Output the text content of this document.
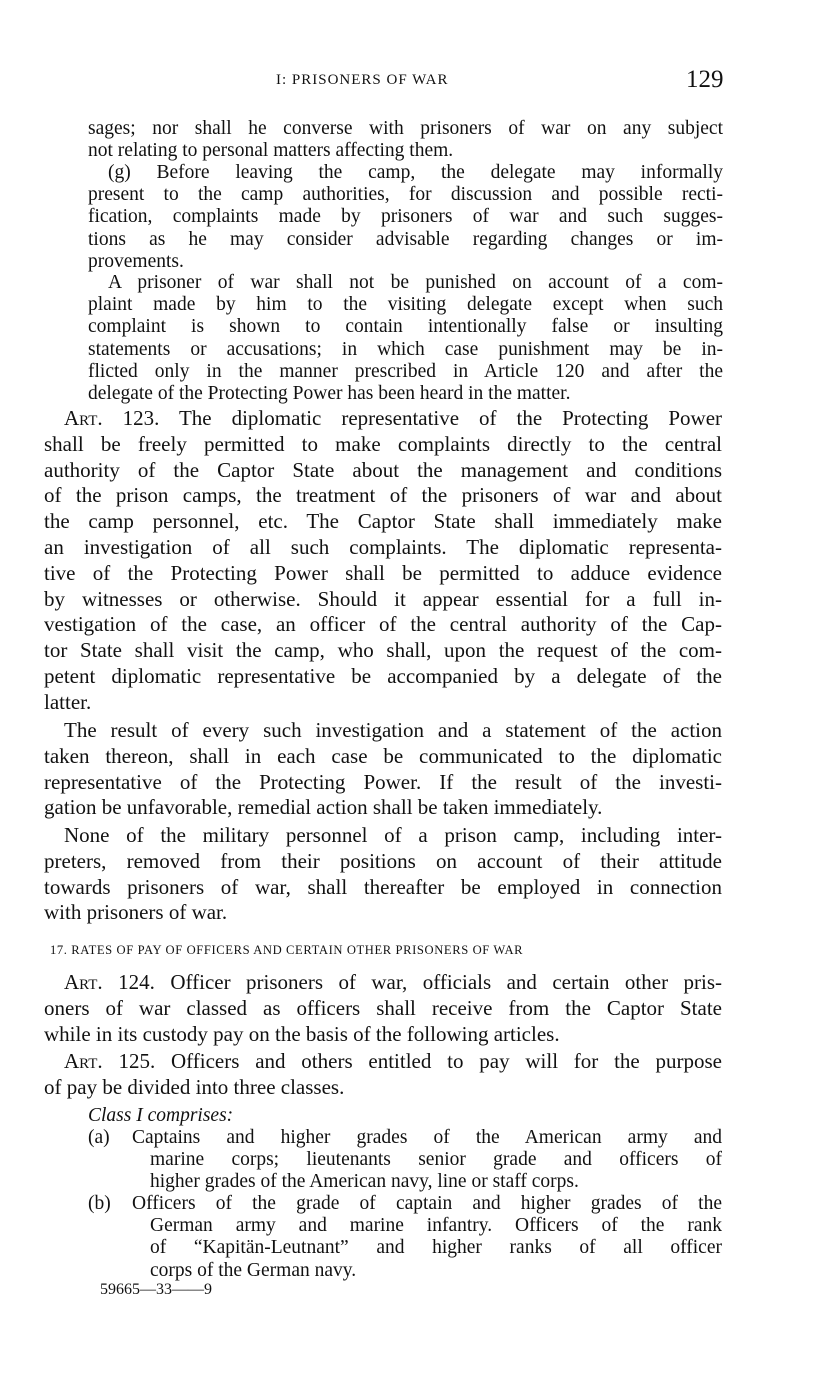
I: PRISONERS OF WAR	129
sages; nor shall he converse with prisoners of war on any subject
not relating to personal matters affecting them.
(g) Before leaving the camp, the delegate may informally
present to the camp authorities, for discussion and possible recti-
fication, complaints made by prisoners of war and such sugges-
tions as he may consider advisable regarding changes or im-
provements.
A prisoner of war shall not be punished on account of a com-
plaint made by him to the visiting delegate except when such
complaint is shown to contain intentionally false or insulting
statements or accusations; in which case punishment may be in-
flicted only in the manner prescribed in Article 120 and after the
delegate of the Protecting Power has been heard in the matter.
Art. 123. The diplomatic representative of the Protecting Power
shall be freely permitted to make complaints directly to the central
authority of the Captor State about the management and conditions
of the prison camps, the treatment of the prisoners of war and about
the camp personnel, etc. The Captor State shall immediately make
an investigation of all such complaints. The diplomatic representa-
tive of the Protecting Power shall be permitted to adduce evidence
by witnesses or otherwise. Should it appear essential for a full in-
vestigation of the case, an officer of the central authority of the Cap-
tor State shall visit the camp, who shall, upon the request of the com-
petent diplomatic representative be accompanied by a delegate of the
latter.
The result of every such investigation and a statement of the action
taken thereon, shall in each case be communicated to the diplomatic
representative of the Protecting Power. If the result of the investi-
gation be unfavorable, remedial action shall be taken immediately.
None of the military personnel of a prison camp, including inter-
preters, removed from their positions on account of their attitude
towards prisoners of war, shall thereafter be employed in connection
with prisoners of war.
17. RATES OF PAY OF OFFICERS AND CERTAIN OTHER PRISONERS OF WAR
Art. 124. Officer prisoners of war, officials and certain other pris-
oners of war classed as officers shall receive from the Captor State
while in its custody pay on the basis of the following articles.
Art. 125. Officers and others entitled to pay will for the purpose
of pay be divided into three classes.
Class I comprises:
(a)	Captains and higher grades of the American army and
marine corps; lieutenants senior grade and officers of
higher grades of the American navy, line or staff corps.
(b)	Officers of the grade of captain and higher grades of the
German army and marine infantry. Officers of the rank
of “Kapitän-Leutnant” and higher ranks of all officer
corps of the German navy.
59665—33——9
